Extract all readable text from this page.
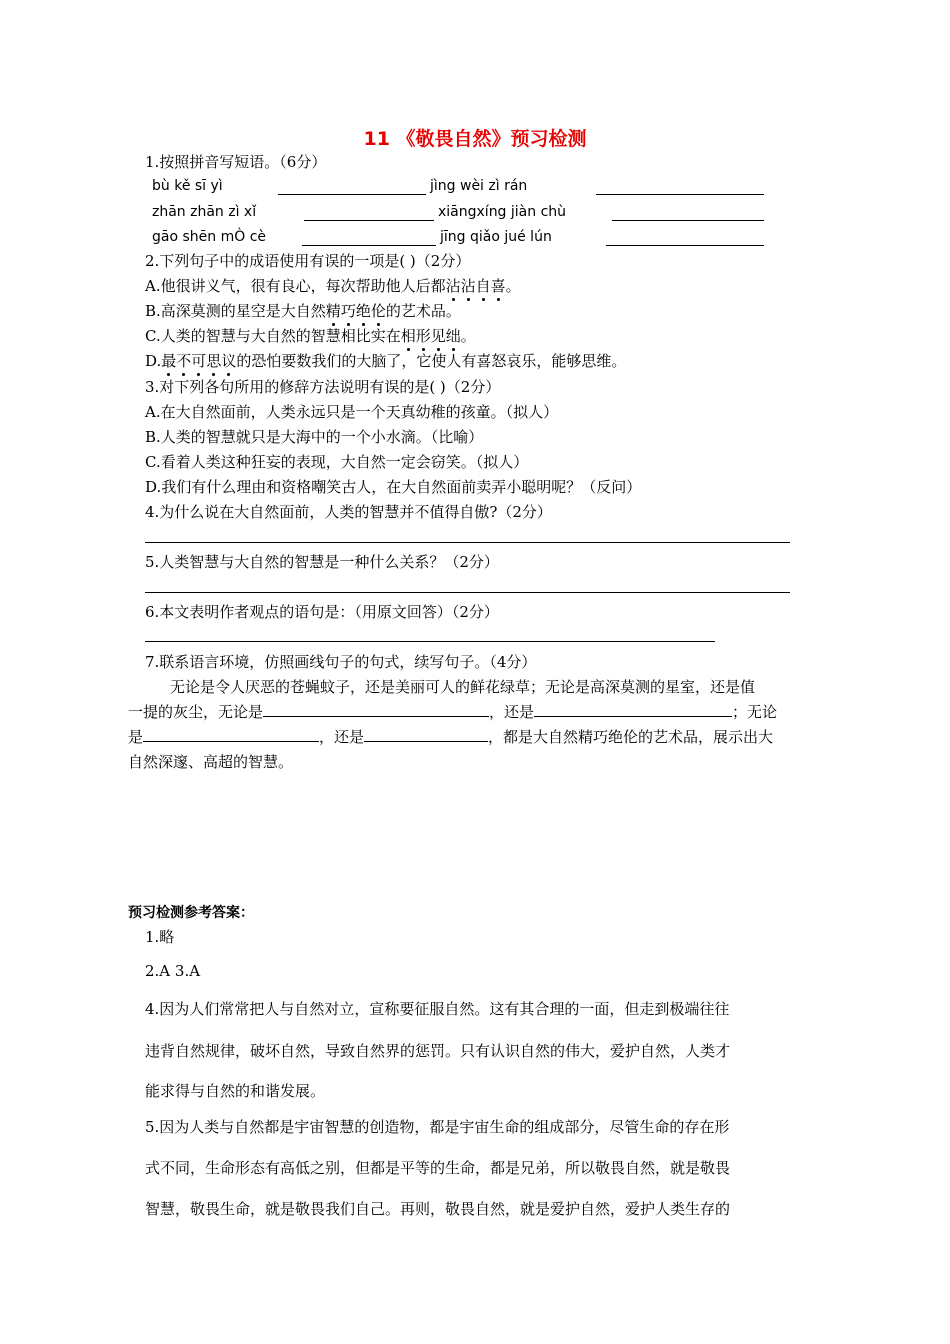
11 《敬畏自然》预习检测
1.按照拼音写短语。（6分）
bù kě sī yì	jìng wèi zì rán
zhān zhān zì xǐ	xiāngxíng jiàn chù
gāo shēn mÒ cè	jīng qiǎo jué lún
2.下列句子中的成语使用有误的一项是( )（2分）
A.他很讲义气，很有良心，每次帮助他人后都沾沾自喜。
B.高深莫测的星空是大自然精巧绝伦的艺术品。
C.人类的智慧与大自然的智慧相比实在相形见绌。
D.最不可思议的恐怕要数我们的大脑了，它使人有喜怒哀乐，能够思维。
3.对下列各句所用的修辞方法说明有误的是( )（2分）
A.在大自然面前，人类永远只是一个天真幼稚的孩童。（拟人）
B.人类的智慧就只是大海中的一个小水滴。（比喻）
C.看着人类这种狂妄的表现，大自然一定会窃笑。（拟人）
D.我们有什么理由和资格嘲笑古人，在大自然面前卖弄小聪明呢？（反问）
4.为什么说在大自然面前，人类的智慧并不值得自傲?（2分）
5.人类智慧与大自然的智慧是一种什么关系？（2分）
6.本文表明作者观点的语句是：（用原文回答）（2分）
7.联系语言环境，仿照画线句子的句式，续写句子。（4分）
无论是令人厌恶的苍蝇蚊子，还是美丽可人的鲜花绿草；无论是高深莫测的星室，还是值
一提的灰尘，无论是	，还是	；无论
是	，还是	，都是大自然精巧绝伦的艺术品，展示出大
自然深邃、高超的智慧。
预习检测参考答案：
1.略
2.A 3.A
4.因为人们常常把人与自然对立，宣称要征服自然。这有其合理的一面，但走到极端往往
违背自然规律，破坏自然，导致自然界的惩罚。只有认识自然的伟大，爱护自然，人类才
能求得与自然的和谐发展。
5.因为人类与自然都是宇宙智慧的创造物，都是宇宙生命的组成部分，尽管生命的存在形
式不同，生命形态有高低之别，但都是平等的生命，都是兄弟，所以敬畏自然，就是敬畏
智慧，敬畏生命，就是敬畏我们自己。再则，敬畏自然，就是爱护自然，爱护人类生存的
